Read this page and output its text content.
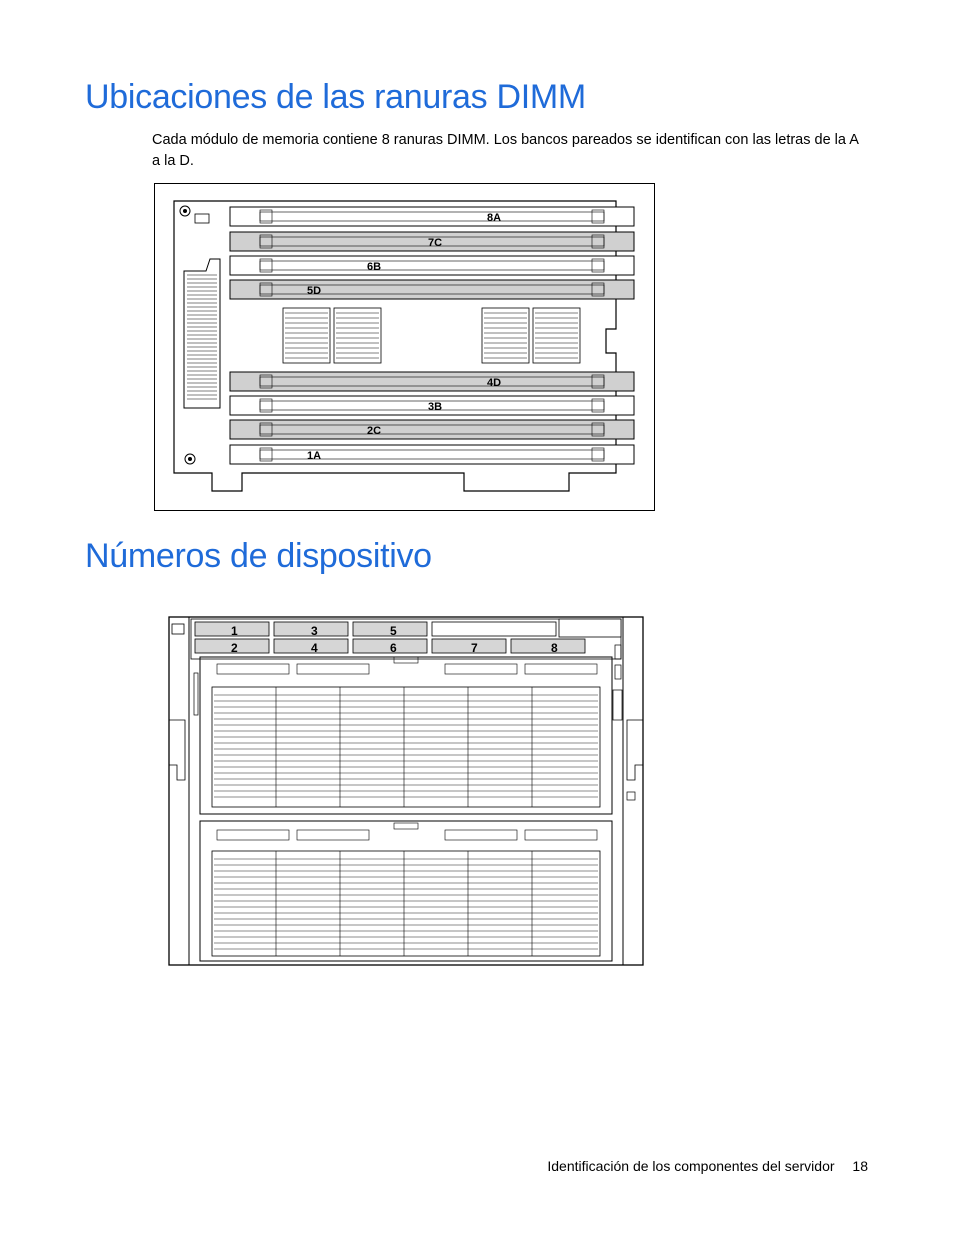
Ubicaciones de las ranuras DIMM

Cada módulo de memoria contiene 8 ranuras DIMM. Los bancos pareados se identifican con las letras de la A a la D.

8A
7C
6B
5D
4D
3B
2C
1A
Números de dispositivo
1
2
3
4
5
6	7	8
Identificación de los componentes del servidor 18
